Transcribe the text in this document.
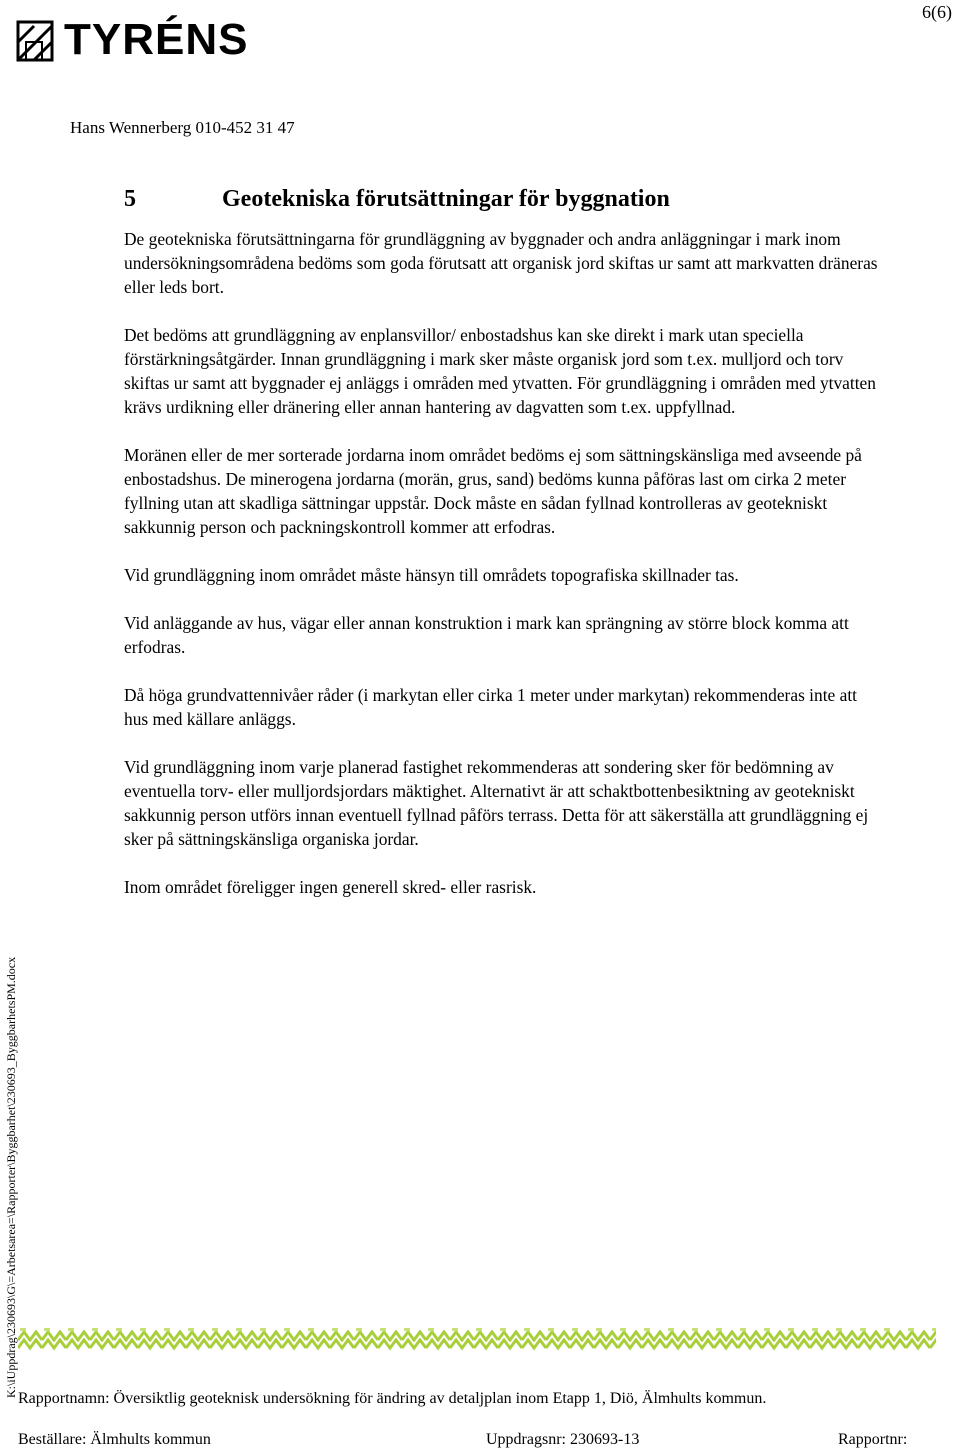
6(6)
TYRÉNS
Hans Wennerberg 010-452 31 47
5	Geotekniska förutsättningar för byggnation

De geotekniska förutsättningarna för grundläggning av byggnader och andra anläggningar i mark inom undersökningsområdena bedöms som goda förutsatt att organisk jord skiftas ur samt att markvatten dräneras eller leds bort.

Det bedöms att grundläggning av enplansvillor/ enbostadshus kan ske direkt i mark utan speciella förstärkningsåtgärder. Innan grundläggning i mark sker måste organisk jord som t.ex. mulljord och torv skiftas ur samt att byggnader ej anläggs i områden med ytvatten. För grundläggning i områden med ytvatten krävs urdikning eller dränering eller annan hantering av dagvatten som t.ex. uppfyllnad.

Moränen eller de mer sorterade jordarna inom området bedöms ej som sättningskänsliga med avseende på enbostadshus. De minerogena jordarna (morän, grus, sand) bedöms kunna påföras last om cirka 2 meter fyllning utan att skadliga sättningar uppstår. Dock måste en sådan fyllnad kontrolleras av geotekniskt sakkunnig person och packningskontroll kommer att erfodras.

Vid grundläggning inom området måste hänsyn till områdets topografiska skillnader tas.

Vid anläggande av hus, vägar eller annan konstruktion i mark kan sprängning av större block komma att erfodras.

Då höga grundvattennivåer råder (i markytan eller cirka 1 meter under markytan) rekommenderas inte att hus med källare anläggs.

Vid grundläggning inom varje planerad fastighet rekommenderas att sondering sker för bedömning av eventuella torv- eller mulljordsjordars mäktighet. Alternativt är att schaktbottenbesiktning av geotekniskt sakkunnig person utförs innan eventuell fyllnad påförs terrass. Detta för att säkerställa att grundläggning ej sker på sättningskänsliga organiska jordar.

Inom området föreligger ingen generell skred- eller rasrisk.

K:\iUppdrag\230693\G\=Arbetsarea=\Rapporter\Byggbarhet\230693_ByggbarhetsPM.docx
Rapportnamn: Översiktlig geoteknisk undersökning för ändring av detaljplan inom Etapp 1, Diö, Älmhults kommun.
Beställare: Älmhults kommun	Uppdragsnr: 230693-13	Rapportnr:
